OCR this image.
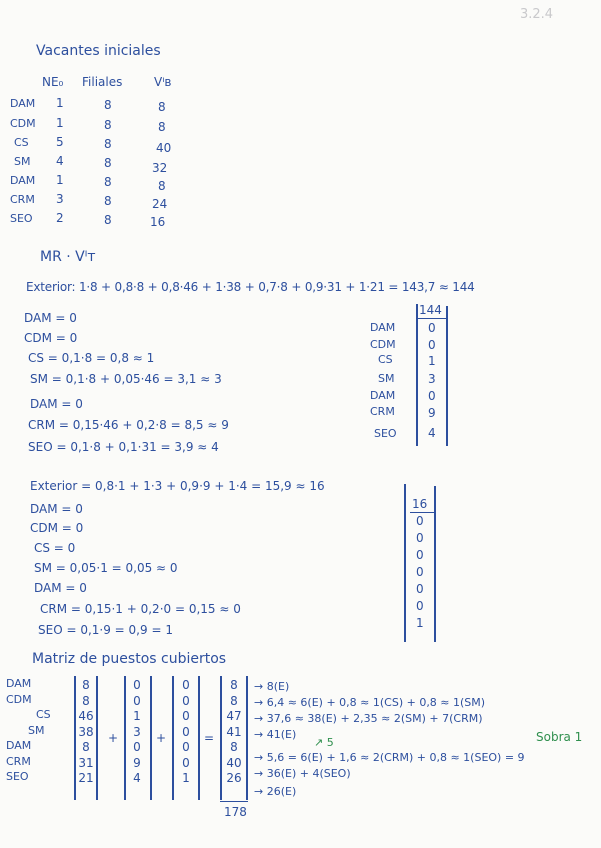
3.2.4
Vacantes iniciales
NE₀ Filiales	Vᴵʙ
DAM
CDM
CS
SM
DAM
CRM
SEO
1
1
5
4
1
3
2
8
8
8
8
8
8
8
8
8
40
32
8
24
16
MR · Vᴵᴛ
Exterior: 1·8 + 0,8·8 + 0,8·46 + 1·38 + 0,7·8 + 0,9·31 + 1·21 = 143,7 ≈ 144
DAM = 0
CDM = 0
CS = 0,1·8 = 0,8 ≈ 1
SM = 0,1·8 + 0,05·46 = 3,1 ≈ 3
DAM = 0
CRM = 0,15·46 + 0,2·8 = 8,5 ≈ 9
SEO = 0,1·8 + 0,1·31 = 3,9 ≈ 4
144
DAM
CDM
CS
SM
DAM
CRM
SEO
0
0
1
3
0
9
4
Exterior = 0,8·1 + 1·3 + 0,9·9 + 1·4 = 15,9 ≈ 16
DAM = 0
CDM = 0
CS = 0
SM = 0,05·1 = 0,05 ≈ 0
DAM = 0
CRM = 0,15·1 + 0,2·0 = 0,15 ≈ 0
SEO = 0,1·9 = 0,9 = 1
16
0
0
0
0
0
0
1
Matriz de puestos cubiertos
DAM
CDM
CS
SM
DAM
CRM
SEO
8
8
46
38
8
31
21
+
0
0
1
3
0
9
4
+
0
0
0
0
0
0
1
=
8
8
47
41
8
40
26
178
→ 8(E)
→ 6,4 ≈ 6(E) + 0,8 ≈ 1(CS) + 0,8 ≈ 1(SM)
→ 37,6 ≈ 38(E) + 2,35 ≈ 2(SM) + 7(CRM)
→ 41(E)
↗ 5
→ 5,6 = 6(E) + 1,6 ≈ 2(CRM) + 0,8 ≈ 1(SEO) = 9
→ 36(E) + 4(SEO)
→ 26(E)
Sobra 1
